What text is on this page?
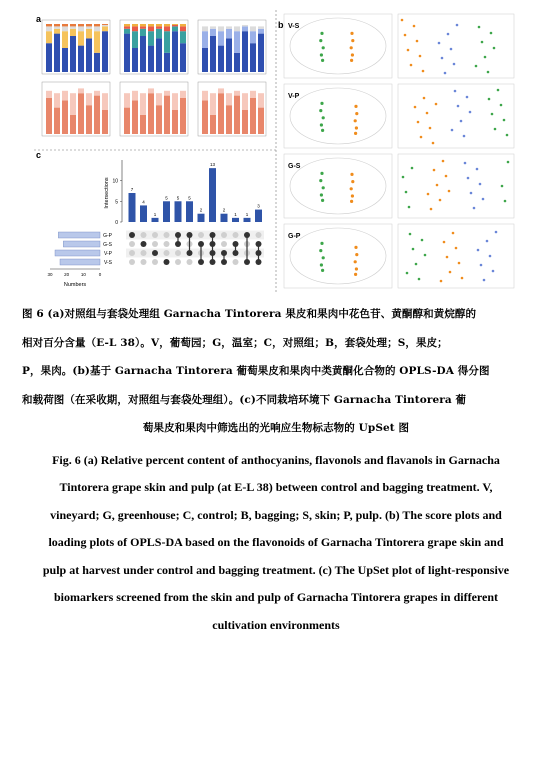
a
b
c
V-S
V-P
G-S
G-P
10
5
0
Intersections	7
4
1
5 5 5
2
13
2
1 1
3
G-P
G-S
V-P
V-S
30	20	10	0
Numbers
图 6 (a)对照组与套袋处理组 Garnacha Tintorera 果皮和果肉中花色苷、黄酮醇和黄烷醇的
相对百分含量（E-L 38）。V，葡萄园；G，温室；C，对照组；B，套袋处理；S，果皮；
P，果肉。(b)基于 Garnacha Tintorera 葡萄果皮和果肉中类黄酮化合物的 OPLS-DA 得分图
和载荷图（在采收期，对照组与套袋处理组）。(c)不同栽培环境下 Garnacha Tintorera 葡
萄果皮和果肉中筛选出的光响应生物标志物的 UpSet 图
Fig. 6 (a) Relative percent content of anthocyanins, flavonols and flavanols in Garnacha
Tintorera grape skin and pulp (at E-L 38) between control and bagging treatment. V,
vineyard; G, greenhouse; C, control; B, bagging; S, skin; P, pulp. (b) The score plots and
loading plots of OPLS-DA based on the flavonoids of Garnacha Tintorera grape skin and
pulp at harvest under control and bagging treatment. (c) The UpSet plot of light-responsive
biomarkers screened from the skin and pulp of Garnacha Tintorera grapes in different
cultivation environments
